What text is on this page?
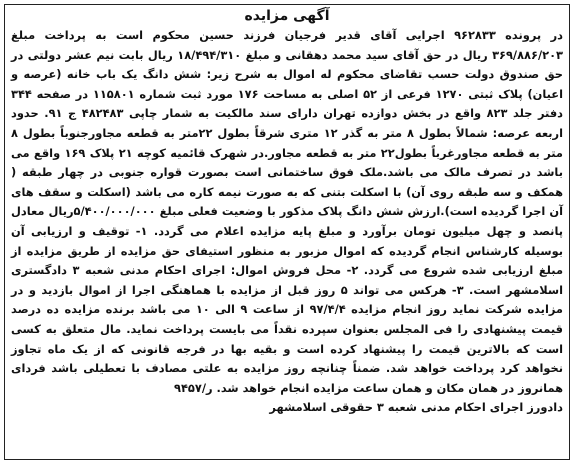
آگهی مزایده

در پرونده ۹۶۲۸۳۳ اجرایی آقای قدیر فرجیان فرزند حسین محکوم است به پرداخت مبلغ ۳۶۹/۸۸۶/۲۰۳ ریال در حق آقای سید محمد دهقانی و مبلغ ۱۸/۴۹۴/۳۱۰ ریال بابت نیم عشر دولتی در حق صندوق دولت حسب تقاضای محکوم له اموال به شرح زیر: شش دانگ یک باب خانه (عرصه و اعیان) پلاک ثبتی ۱۲۷۰ فرعی از ۵۲ اصلی به مساحت ۱۷۶ مورد ثبت شماره ۱۱۵۸۰۱ در صفحه ۳۴۴ دفتر جلد ۸۲۳ واقع در بخش دوازده تهران دارای سند مالکیت به شمار چاپی ۴۸۲۴۸۳ ج ۹۱. حدود اربعه عرصه: شمالاً بطول ۸ متر به گذر ۱۲ متری شرقاً بطول ۲۲متر به قطعه مجاورجنوباً بطول ۸ متر به قطعه مجاورغرباً بطول۲۲ متر به قطعه مجاور.در شهرک قائمیه کوچه ۲۱ پلاک ۱۶۹ واقع می باشد در تصرف مالک می باشد.ملک فوق ساختمانی است بصورت قواره جنوبی در چهار طبقه ( همکف و سه طبقه روی آن) با اسکلت بتنی که به صورت نیمه کاره می باشد (اسکلت و سقف های آن اجرا گردیده است).ارزش شش دانگ پلاک مذکور با وضعیت فعلی مبلغ ۵/۴۰۰/۰۰۰/۰۰۰ریال معادل پانصد و چهل میلیون تومان برآورد و مبلغ پایه مزایده اعلام می گردد. ۱- توقیف و ارزیابی آن بوسیله کارشناس انجام گردیده که اموال مزبور به منظور استیفای حق مزایده از طریق مزایده از مبلغ ارزیابی شده شروع می گردد. ۲- محل فروش اموال: اجرای احکام مدنی شعبه ۳ دادگستری اسلامشهر است. ۳- هرکس می تواند ۵ روز قبل از مزایده با هماهنگی اجرا از اموال بازدید و در مزایده شرکت نماید روز انجام مزایده ۹۷/۴/۴ از ساعت ۹ الی ۱۰ می باشد برنده مزایده ده درصد قیمت پیشنهادی را فی المجلس بعنوان سپرده نقداً می بایست پرداخت نماید. مال متعلق به کسی است که بالاترین قیمت را پیشنهاد کرده است و بقیه بها در فرجه قانونی که از یک ماه تجاوز نخواهد کرد پرداخت خواهد شد. ضمناً چنانچه روز مزایده به علتی مصادف با تعطیلی باشد فردای همانروز در همان مکان و همان ساعت مزایده انجام خواهد شد. ر/۹۴۵۷

دادورز اجرای احکام مدنی شعبه ۳ حقوقی اسلامشهر
